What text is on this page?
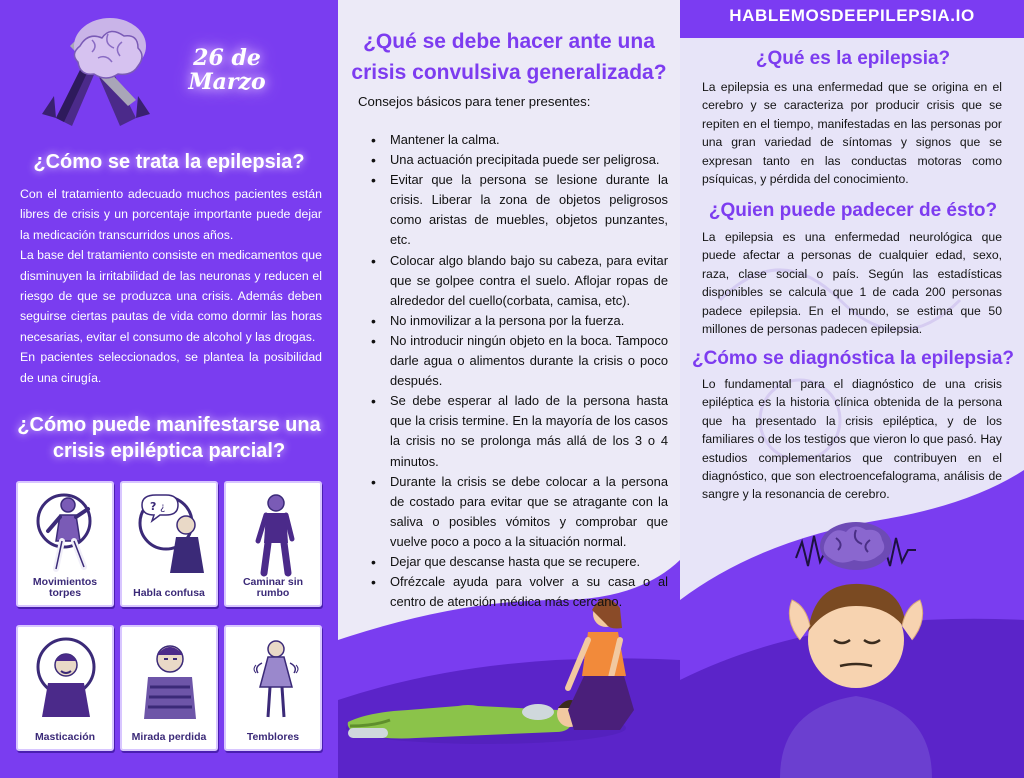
26 de Marzo
¿Cómo se trata la epilepsia?

Con el tratamiento adecuado muchos pacientes están libres de crisis y un porcentaje importante puede dejar la medicación transcurridos unos años.

La base del tratamiento consiste en medicamentos que disminuyen la irritabilidad de las neuronas y reducen el riesgo de que se produzca una crisis. Además deben seguirse ciertas pautas de vida como dormir las horas necesarias, evitar el consumo de alcohol y las drogas.

En pacientes seleccionados, se plantea la posibilidad de una cirugía.

¿Cómo puede manifestarse una crisis epiléptica parcial?
Movimientos torpes
? ¿
Habla confusa
Caminar sin rumbo
Masticación	Mirada perdida	Temblores
¿Qué se debe hacer ante una crisis convulsiva generalizada?

Consejos básicos para tener presentes:

• Mantener la calma.
• Una actuación precipitada puede ser peligrosa.
• Evitar que la persona se lesione durante la crisis. Liberar la zona de objetos peligrosos como aristas de muebles, objetos punzantes, etc.
• Colocar algo blando bajo su cabeza, para evitar que se golpee contra el suelo. Aflojar ropas de alrededor del cuello(corbata, camisa, etc).
• No inmovilizar a la persona por la fuerza.
• No introducir ningún objeto en la boca. Tampoco darle agua o alimentos durante la crisis o poco después.
• Se debe esperar al lado de la persona hasta que la crisis termine. En la mayoría de los casos la crisis no se prolonga más allá de los 3 o 4 minutos.
• Durante la crisis se debe colocar a la persona de costado para evitar que se atragante con la saliva o posibles vómitos y comprobar que vuelve poco a poco a la situación normal.
• Dejar que descanse hasta que se recupere.
• Ofrézcale ayuda para volver a su casa o al centro de atención médica más cercano.
HABLEMOSDEEPILEPSIA.IO
¿Qué es la epilepsia?

La epilepsia es una enfermedad que se origina en el cerebro y se caracteriza por producir crisis que se repiten en el tiempo, manifestadas en las personas por una gran variedad de síntomas y signos que se expresan tanto en las conductas motoras como psíquicas, y pérdida del conocimiento.

¿Quien puede padecer de ésto?

La epilepsia es una enfermedad neurológica que puede afectar a personas de cualquier edad, sexo, raza, clase social o país. Según las estadísticas disponibles se calcula que 1 de cada 200 personas padece epilepsia. En el mundo, se estima que 50 millones de personas padecen epilepsia.

¿Cómo se diagnóstica la epilepsia?

Lo fundamental para el diagnóstico de una crisis epiléptica es la historia clínica obtenida de la persona que ha presentado la crisis epiléptica, y de los familiares o de los testigos que vieron lo que pasó. Hay estudios complementarios que contribuyen en el diagnóstico, que son electroencefalograma, análisis de sangre y la resonancia de cerebro.
